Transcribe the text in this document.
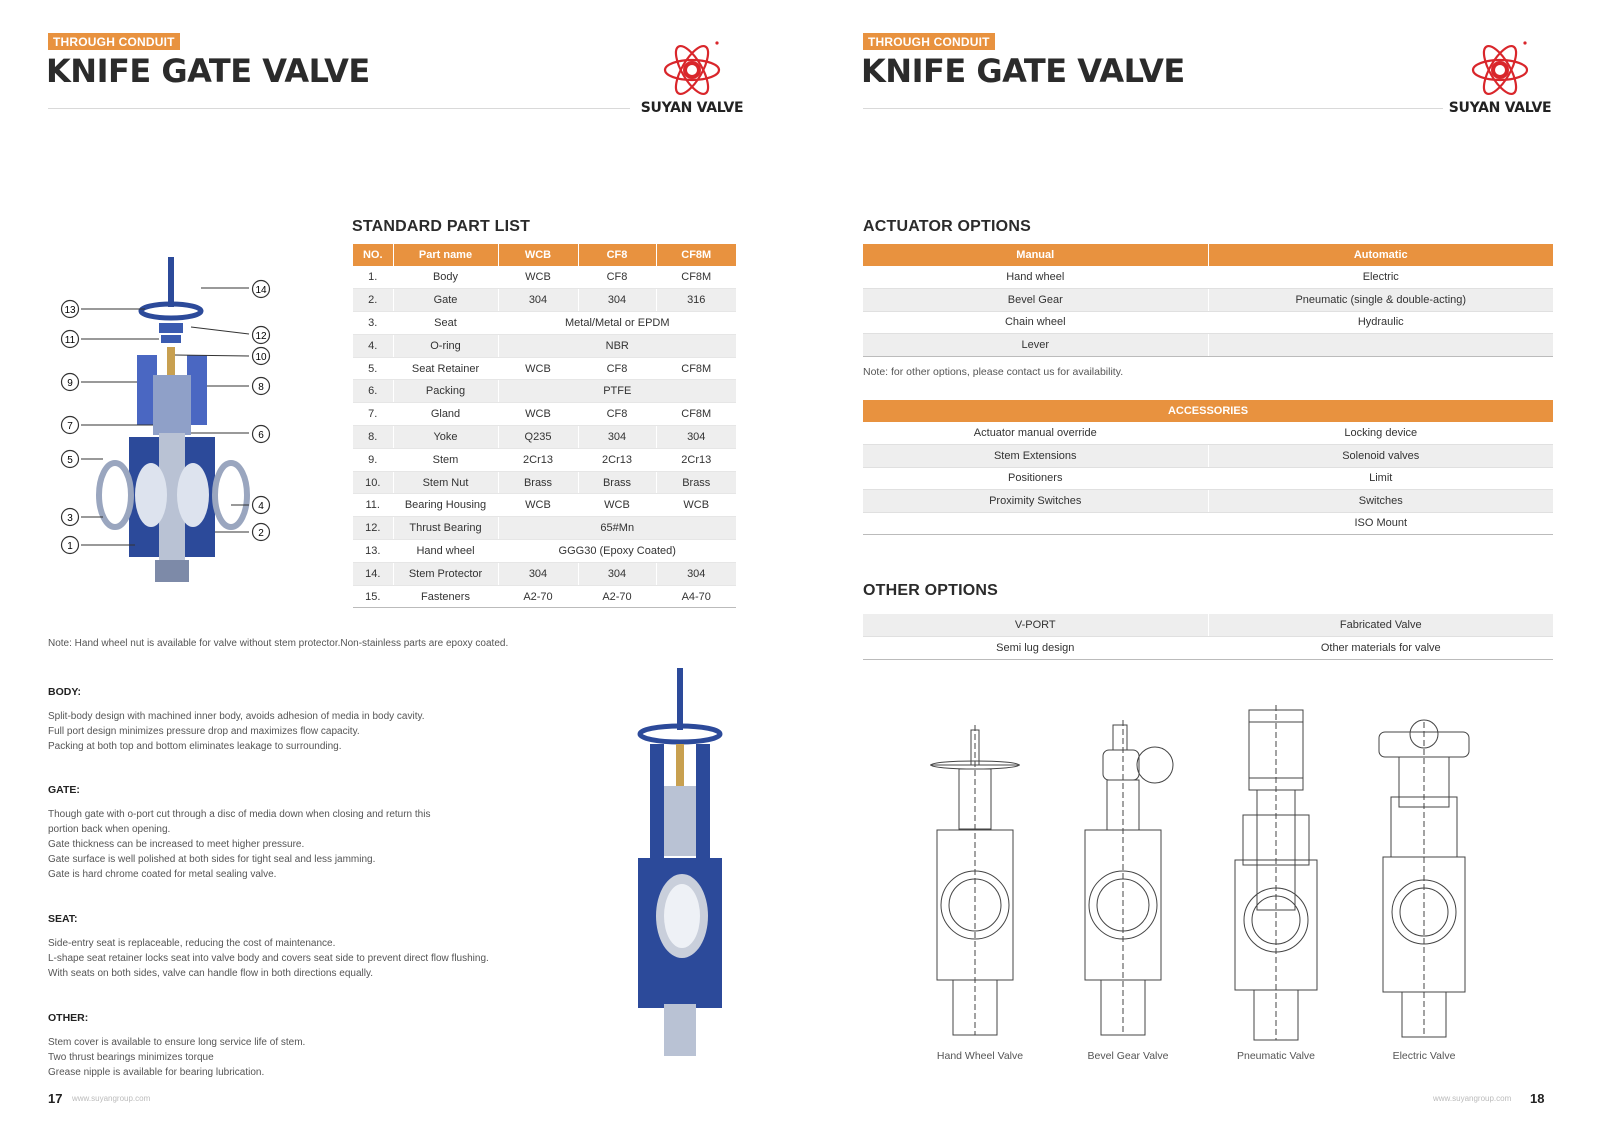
THROUGH CONDUIT
KNIFE GATE VALVE
SUYAN VALVE
14
13
12
11
10
9	8
7
6
5
4
3
2
1
STANDARD PART LIST
NO.	Part name	WCB	CF8	CF8M
1.	Body	WCB	CF8	CF8M
2.	Gate	304	304	316
3.	Seat	Metal/Metal or EPDM		
4.	O-ring	NBR		
5.	Seat Retainer	WCB	CF8	CF8M
6.	Packing	PTFE		
7.	Gland	WCB	CF8	CF8M
8.	Yoke	Q235	304	304
9.	Stem	2Cr13	2Cr13	2Cr13
10.	Stem Nut	Brass	Brass	Brass
11.	Bearing Housing	WCB	WCB	WCB
12.	Thrust Bearing	65#Mn		
13.	Hand wheel	GGG30 (Epoxy Coated)		
14.	Stem Protector	304	304	304
15.	Fasteners	A2-70	A2-70	A4-70
Note: Hand wheel nut is available for valve without stem protector.Non-stainless parts are epoxy coated.
BODY:

Split-body design with machined inner body, avoids adhesion of media in body cavity.

Full port design minimizes pressure drop and maximizes flow capacity.

Packing at both top and bottom eliminates leakage to surrounding.

GATE:

Though gate with o-port cut through a disc of media down when closing and return this

portion back when opening.

Gate thickness can be increased to meet higher pressure.

Gate surface is well polished at both sides for tight seal and less jamming.

Gate is hard chrome coated for metal sealing valve.

SEAT:

Side-entry seat is replaceable, reducing the cost of maintenance.

L-shape seat retainer locks seat into valve body and covers seat side to prevent direct flow flushing.

With seats on both sides, valve can handle flow in both directions equally.

OTHER:

Stem cover is available to ensure long service life of stem.

Two thrust bearings minimizes torque

Grease nipple is available for bearing lubrication.

17 www.suyangroup.com
THROUGH CONDUIT
KNIFE GATE VALVE
SUYAN VALVE
ACTUATOR OPTIONS
Manual	Automatic
Hand wheel	Electric
Bevel Gear	Pneumatic (single & double-acting)
Chain wheel	Hydraulic
Lever	
Note: for other options, please contact us for availability.
ACCESSORIES	
Actuator manual override	Locking device
Stem Extensions	Solenoid valves
Positioners	Limit
Proximity Switches	Switches
	ISO Mount
OTHER OPTIONS
V-PORT	Fabricated Valve
Semi lug design	Other materials for valve
Hand Wheel Valve	Bevel Gear Valve	Pneumatic Valve	Electric Valve
www.suyangroup.com 18
